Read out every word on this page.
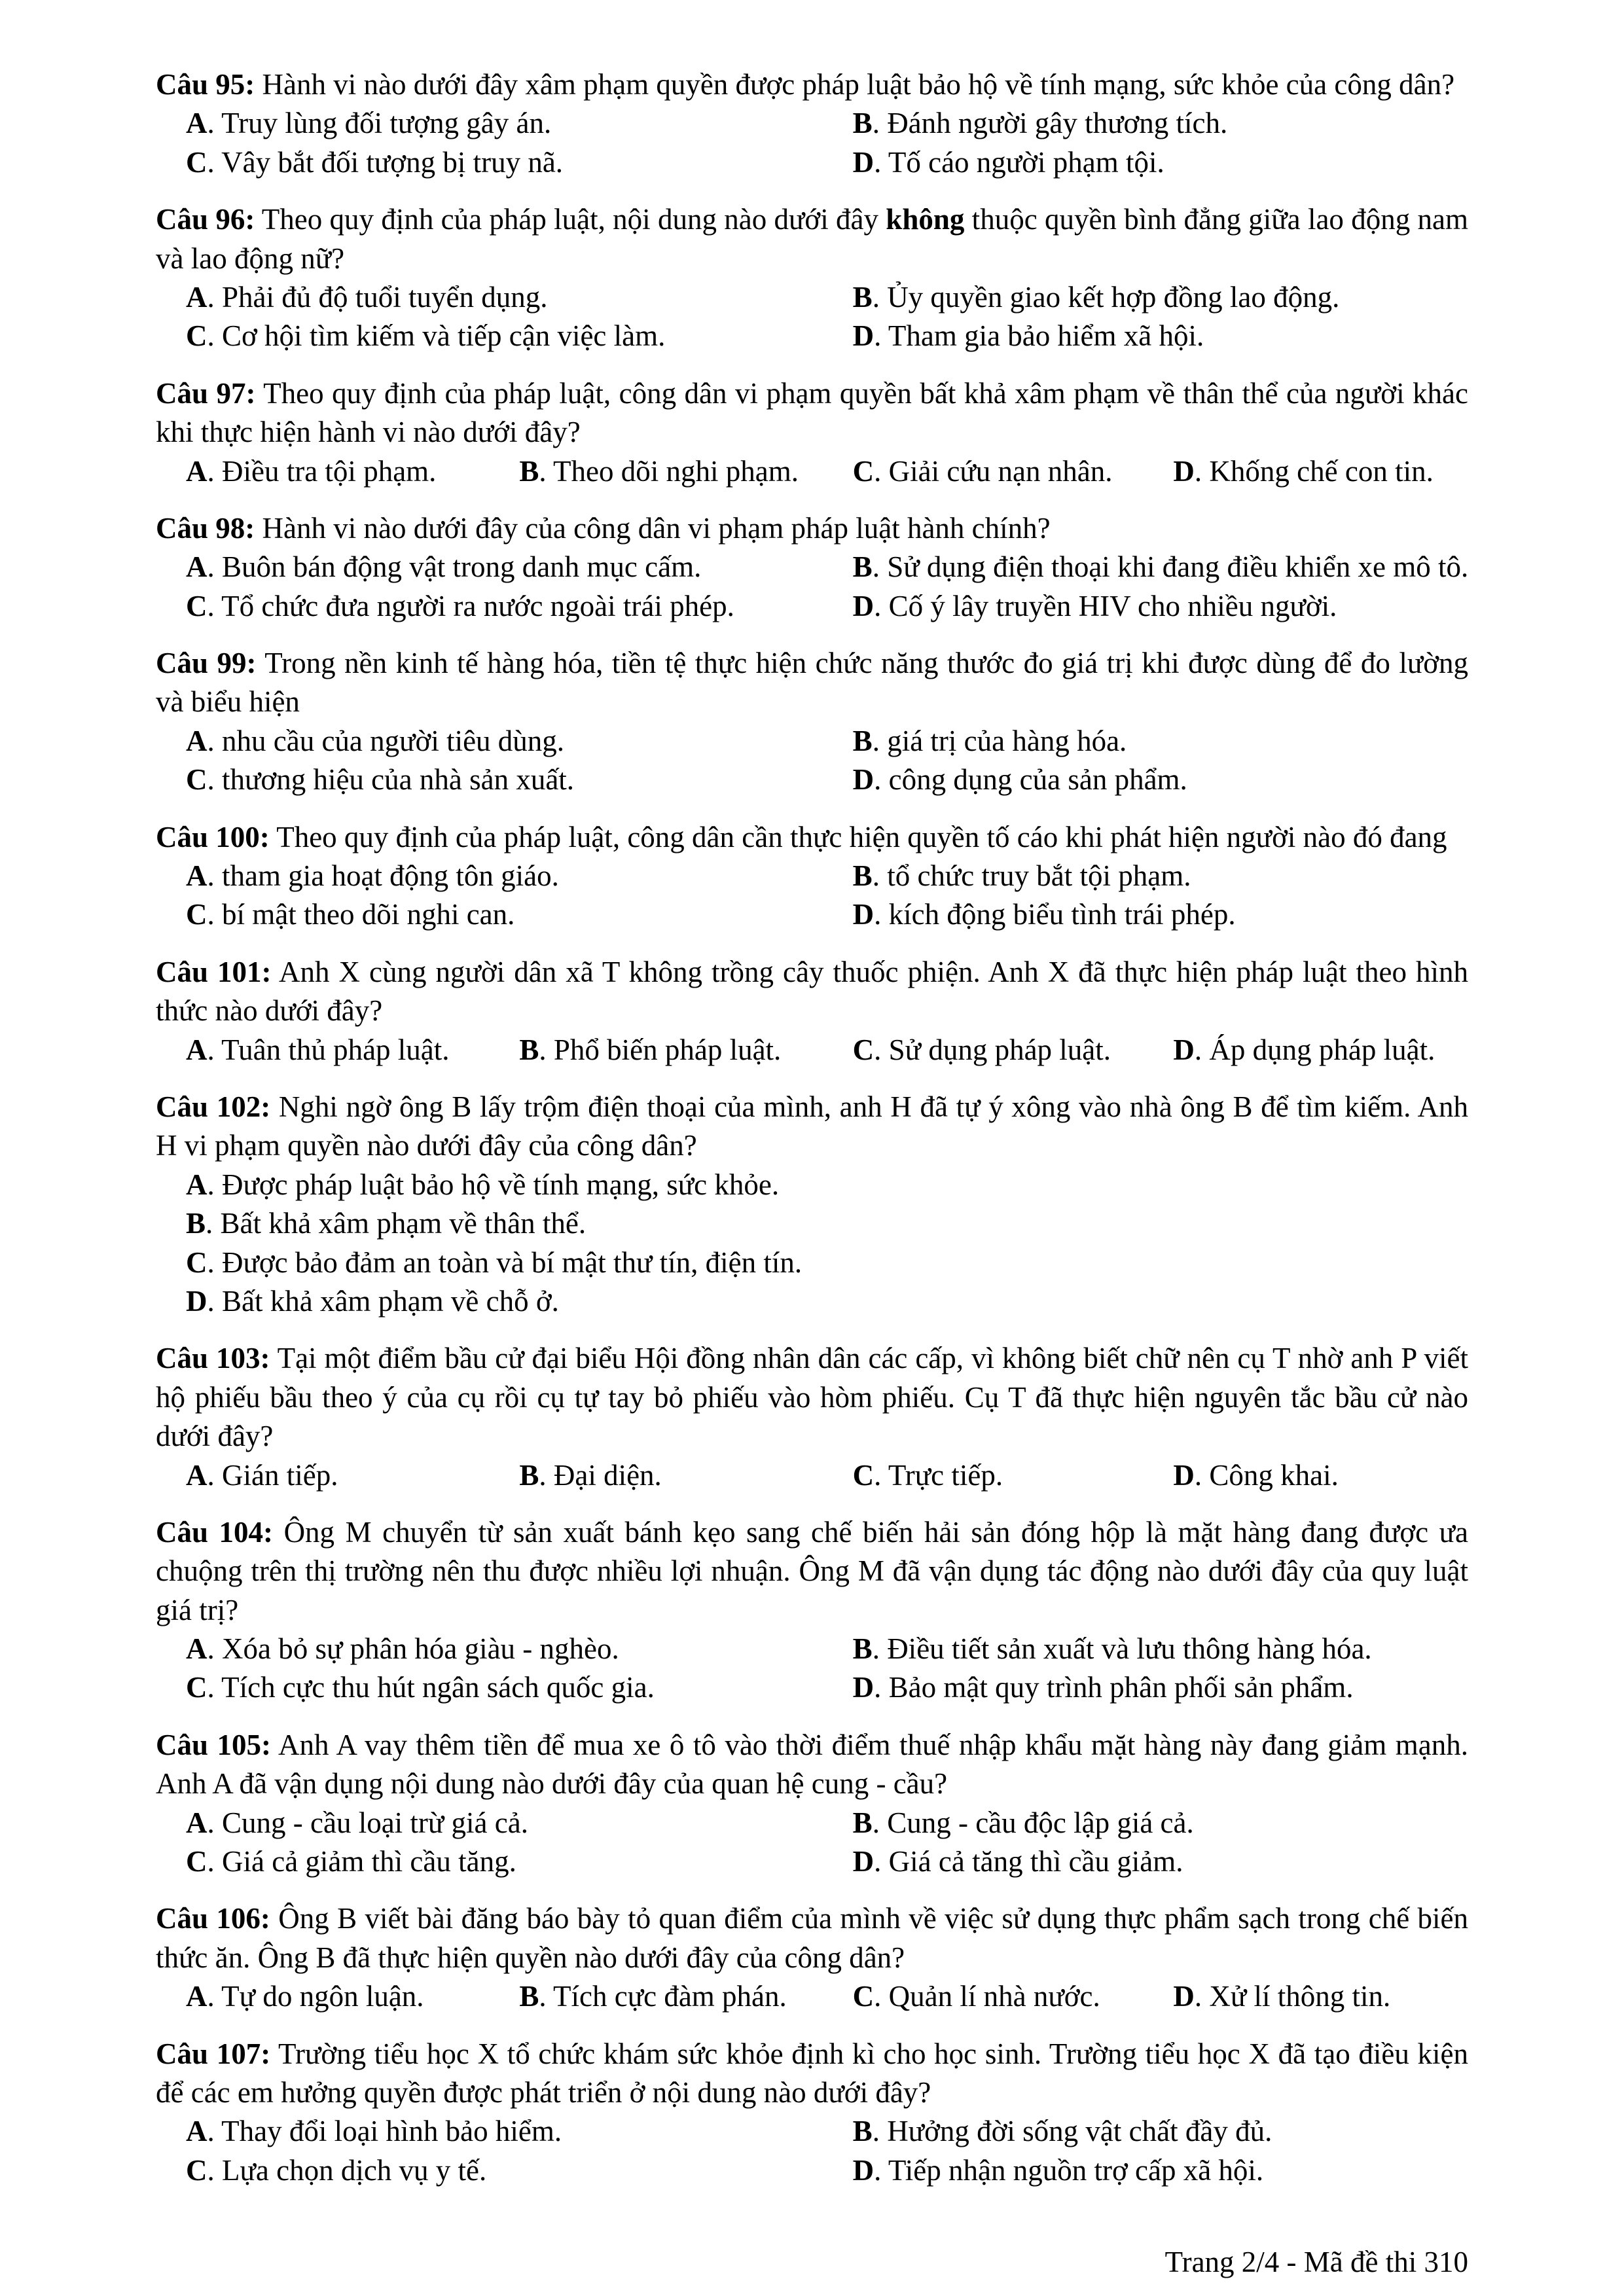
Câu 95: Hành vi nào dưới đây xâm phạm quyền được pháp luật bảo hộ về tính mạng, sức khỏe của công dân?

A. Truy lùng đối tượng gây án.	B. Đánh người gây thương tích.
C. Vây bắt đối tượng bị truy nã.	D. Tố cáo người phạm tội.

Câu 96: Theo quy định của pháp luật, nội dung nào dưới đây không thuộc quyền bình đẳng giữa lao động nam và lao động nữ?

A. Phải đủ độ tuổi tuyển dụng.	B. Ủy quyền giao kết hợp đồng lao động.
C. Cơ hội tìm kiếm và tiếp cận việc làm.	D. Tham gia bảo hiểm xã hội.

Câu 97: Theo quy định của pháp luật, công dân vi phạm quyền bất khả xâm phạm về thân thể của người khác khi thực hiện hành vi nào dưới đây?

A. Điều tra tội phạm.	B. Theo dõi nghi phạm.	C. Giải cứu nạn nhân.	D. Khống chế con tin.

Câu 98: Hành vi nào dưới đây của công dân vi phạm pháp luật hành chính?

A. Buôn bán động vật trong danh mục cấm.	B. Sử dụng điện thoại khi đang điều khiển xe mô tô.
C. Tổ chức đưa người ra nước ngoài trái phép.	D. Cố ý lây truyền HIV cho nhiều người.

Câu 99: Trong nền kinh tế hàng hóa, tiền tệ thực hiện chức năng thước đo giá trị khi được dùng để đo lường và biểu hiện

A. nhu cầu của người tiêu dùng.	B. giá trị của hàng hóa.
C. thương hiệu của nhà sản xuất.	D. công dụng của sản phẩm.

Câu 100: Theo quy định của pháp luật, công dân cần thực hiện quyền tố cáo khi phát hiện người nào đó đang

A. tham gia hoạt động tôn giáo.	B. tổ chức truy bắt tội phạm.
C. bí mật theo dõi nghi can.	D. kích động biểu tình trái phép.

Câu 101: Anh X cùng người dân xã T không trồng cây thuốc phiện. Anh X đã thực hiện pháp luật theo hình thức nào dưới đây?

A. Tuân thủ pháp luật.	B. Phổ biến pháp luật.	C. Sử dụng pháp luật.	D. Áp dụng pháp luật.

Câu 102: Nghi ngờ ông B lấy trộm điện thoại của mình, anh H đã tự ý xông vào nhà ông B để tìm kiếm. Anh H vi phạm quyền nào dưới đây của công dân?

A. Được pháp luật bảo hộ về tính mạng, sức khỏe.
B. Bất khả xâm phạm về thân thể.
C. Được bảo đảm an toàn và bí mật thư tín, điện tín.
D. Bất khả xâm phạm về chỗ ở.

Câu 103: Tại một điểm bầu cử đại biểu Hội đồng nhân dân các cấp, vì không biết chữ nên cụ T nhờ anh P viết hộ phiếu bầu theo ý của cụ rồi cụ tự tay bỏ phiếu vào hòm phiếu. Cụ T đã thực hiện nguyên tắc bầu cử nào dưới đây?

A. Gián tiếp.	B. Đại diện.	C. Trực tiếp.	D. Công khai.

Câu 104: Ông M chuyển từ sản xuất bánh kẹo sang chế biến hải sản đóng hộp là mặt hàng đang được ưa chuộng trên thị trường nên thu được nhiều lợi nhuận. Ông M đã vận dụng tác động nào dưới đây của quy luật giá trị?

A. Xóa bỏ sự phân hóa giàu - nghèo.	B. Điều tiết sản xuất và lưu thông hàng hóa.
C. Tích cực thu hút ngân sách quốc gia.	D. Bảo mật quy trình phân phối sản phẩm.

Câu 105: Anh A vay thêm tiền để mua xe ô tô vào thời điểm thuế nhập khẩu mặt hàng này đang giảm mạnh. Anh A đã vận dụng nội dung nào dưới đây của quan hệ cung - cầu?

A. Cung - cầu loại trừ giá cả.	B. Cung - cầu độc lập giá cả.
C. Giá cả giảm thì cầu tăng.	D. Giá cả tăng thì cầu giảm.

Câu 106: Ông B viết bài đăng báo bày tỏ quan điểm của mình về việc sử dụng thực phẩm sạch trong chế biến thức ăn. Ông B đã thực hiện quyền nào dưới đây của công dân?

A. Tự do ngôn luận.	B. Tích cực đàm phán.	C. Quản lí nhà nước.	D. Xử lí thông tin.

Câu 107: Trường tiểu học X tổ chức khám sức khỏe định kì cho học sinh. Trường tiểu học X đã tạo điều kiện để các em hưởng quyền được phát triển ở nội dung nào dưới đây?

A. Thay đổi loại hình bảo hiểm.	B. Hưởng đời sống vật chất đầy đủ.
C. Lựa chọn dịch vụ y tế.	D. Tiếp nhận nguồn trợ cấp xã hội.
Trang 2/4 - Mã đề thi 310
